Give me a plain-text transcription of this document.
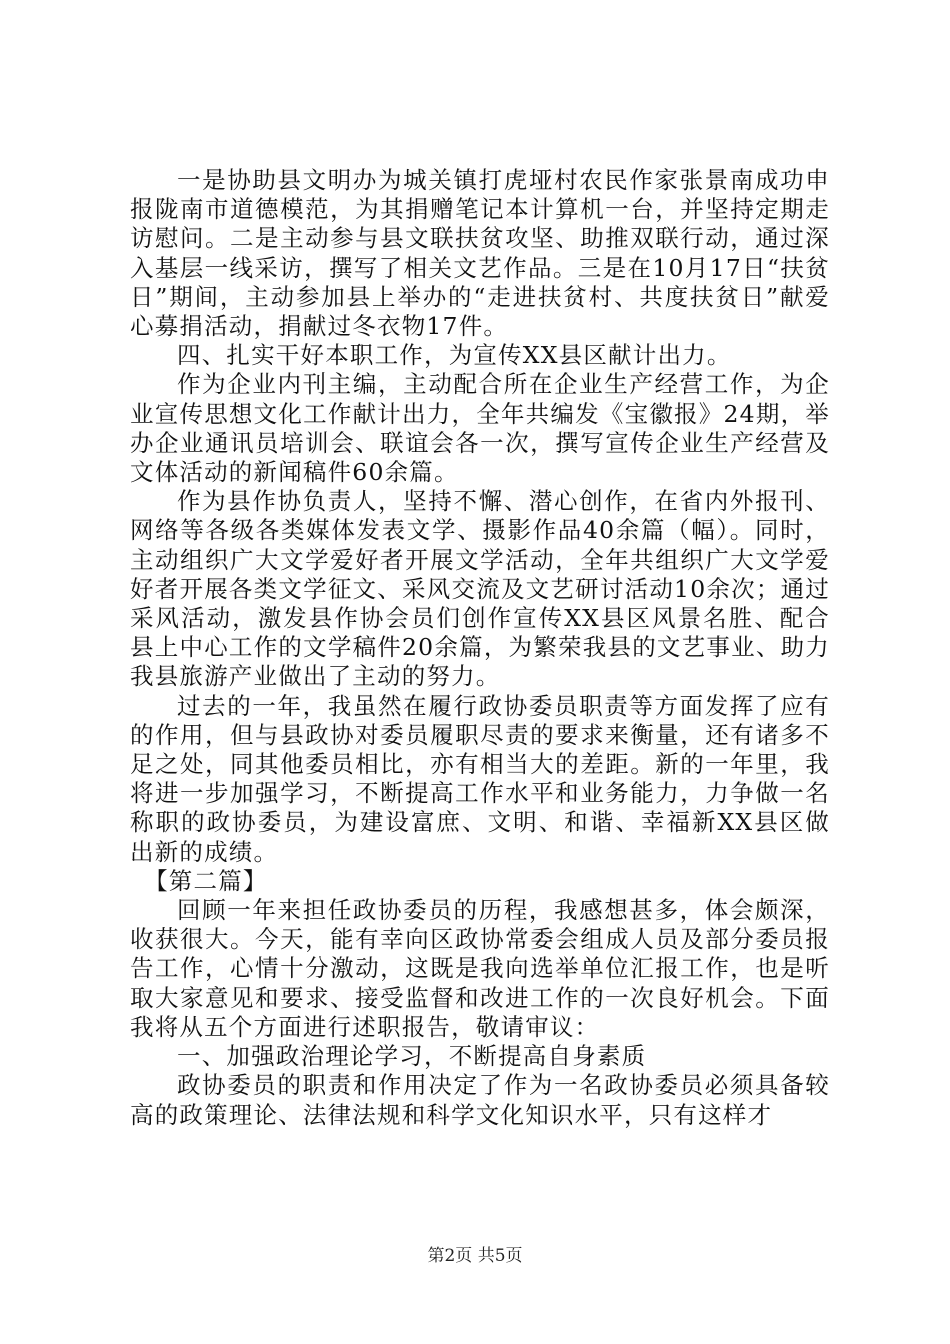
一是协助县文明办为城关镇打虎垭村农民作家张景南成功申报陇南市道德模范，为其捐赠笔记本计算机一台，并坚持定期走访慰问。二是主动参与县文联扶贫攻坚、助推双联行动，通过深入基层一线采访，撰写了相关文艺作品。三是在10月17日“扶贫日”期间，主动参加县上举办的“走进扶贫村、共度扶贫日”献爱心募捐活动，捐献过冬衣物17件。

四、扎实干好本职工作，为宣传XX县区献计出力。

作为企业内刊主编，主动配合所在企业生产经营工作，为企业宣传思想文化工作献计出力，全年共编发《宝徽报》24期，举办企业通讯员培训会、联谊会各一次，撰写宣传企业生产经营及文体活动的新闻稿件60余篇。

作为县作协负责人，坚持不懈、潜心创作，在省内外报刊、网络等各级各类媒体发表文学、摄影作品40余篇（幅）。同时，主动组织广大文学爱好者开展文学活动，全年共组织广大文学爱好者开展各类文学征文、采风交流及文艺研讨活动10余次；通过采风活动，激发县作协会员们创作宣传XX县区风景名胜、配合县上中心工作的文学稿件20余篇，为繁荣我县的文艺事业、助力我县旅游产业做出了主动的努力。

过去的一年，我虽然在履行政协委员职责等方面发挥了应有的作用，但与县政协对委员履职尽责的要求来衡量，还有诸多不足之处，同其他委员相比，亦有相当大的差距。新的一年里，我将进一步加强学习，不断提高工作水平和业务能力，力争做一名称职的政协委员，为建设富庶、文明、和谐、幸福新XX县区做出新的成绩。

【第二篇】

回顾一年来担任政协委员的历程，我感想甚多，体会颇深，收获很大。今天，能有幸向区政协常委会组成人员及部分委员报告工作，心情十分激动，这既是我向选举单位汇报工作，也是听取大家意见和要求、接受监督和改进工作的一次良好机会。下面我将从五个方面进行述职报告，敬请审议：

一、加强政治理论学习，不断提高自身素质

政协委员的职责和作用决定了作为一名政协委员必须具备较高的政策理论、法律法规和科学文化知识水平，只有这样才

第2页 共5页
